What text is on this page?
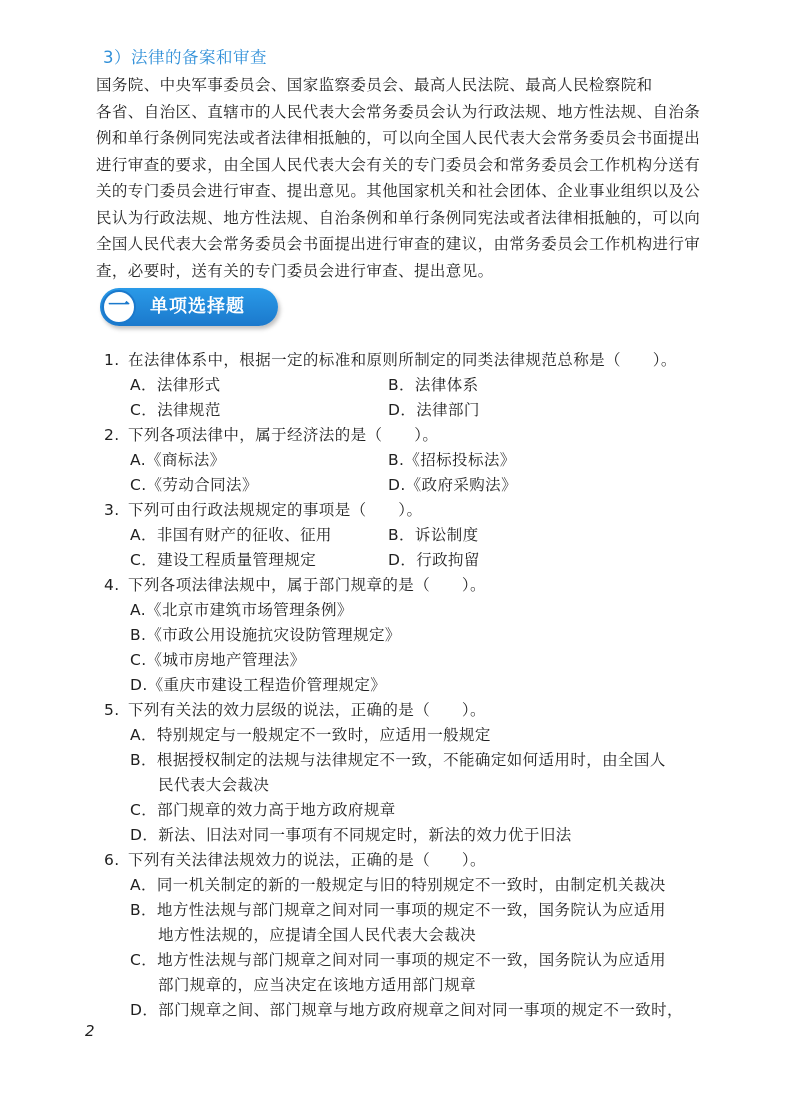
3）法律的备案和审查
国务院、中央军事委员会、国家监察委员会、最高人民法院、最高人民检察院和
各省、自治区、直辖市的人民代表大会常务委员会认为行政法规、地方性法规、自治条
例和单行条例同宪法或者法律相抵触的，可以向全国人民代表大会常务委员会书面提出
进行审查的要求，由全国人民代表大会有关的专门委员会和常务委员会工作机构分送有
关的专门委员会进行审查、提出意见。其他国家机关和社会团体、企业事业组织以及公
民认为行政法规、地方性法规、自治条例和单行条例同宪法或者法律相抵触的，可以向
全国人民代表大会常务委员会书面提出进行审查的建议，由常务委员会工作机构进行审
查，必要时，送有关的专门委员会进行审查、提出意见。
一	单项选择题
1. 在法律体系中，根据一定的标准和原则所制定的同类法律规范总称是（　　）。
A．法律形式	B．法律体系
C．法律规范	D．法律部门
2. 下列各项法律中，属于经济法的是（　　）。
A.《商标法》	B.《招标投标法》
C.《劳动合同法》	D.《政府采购法》
3. 下列可由行政法规规定的事项是（　　）。
A．非国有财产的征收、征用	B．诉讼制度
C．建设工程质量管理规定	D．行政拘留
4. 下列各项法律法规中，属于部门规章的是（　　）。
A.《北京市建筑市场管理条例》
B.《市政公用设施抗灾设防管理规定》
C.《城市房地产管理法》
D.《重庆市建设工程造价管理规定》
5. 下列有关法的效力层级的说法，正确的是（　　）。
A．特别规定与一般规定不一致时，应适用一般规定
B．根据授权制定的法规与法律规定不一致，不能确定如何适用时，由全国人
民代表大会裁决
C．部门规章的效力高于地方政府规章
D．新法、旧法对同一事项有不同规定时，新法的效力优于旧法
6. 下列有关法律法规效力的说法，正确的是（　　）。
A．同一机关制定的新的一般规定与旧的特别规定不一致时，由制定机关裁决
B．地方性法规与部门规章之间对同一事项的规定不一致，国务院认为应适用
地方性法规的，应提请全国人民代表大会裁决
C．地方性法规与部门规章之间对同一事项的规定不一致，国务院认为应适用
部门规章的，应当决定在该地方适用部门规章
D．部门规章之间、部门规章与地方政府规章之间对同一事项的规定不一致时，
2
